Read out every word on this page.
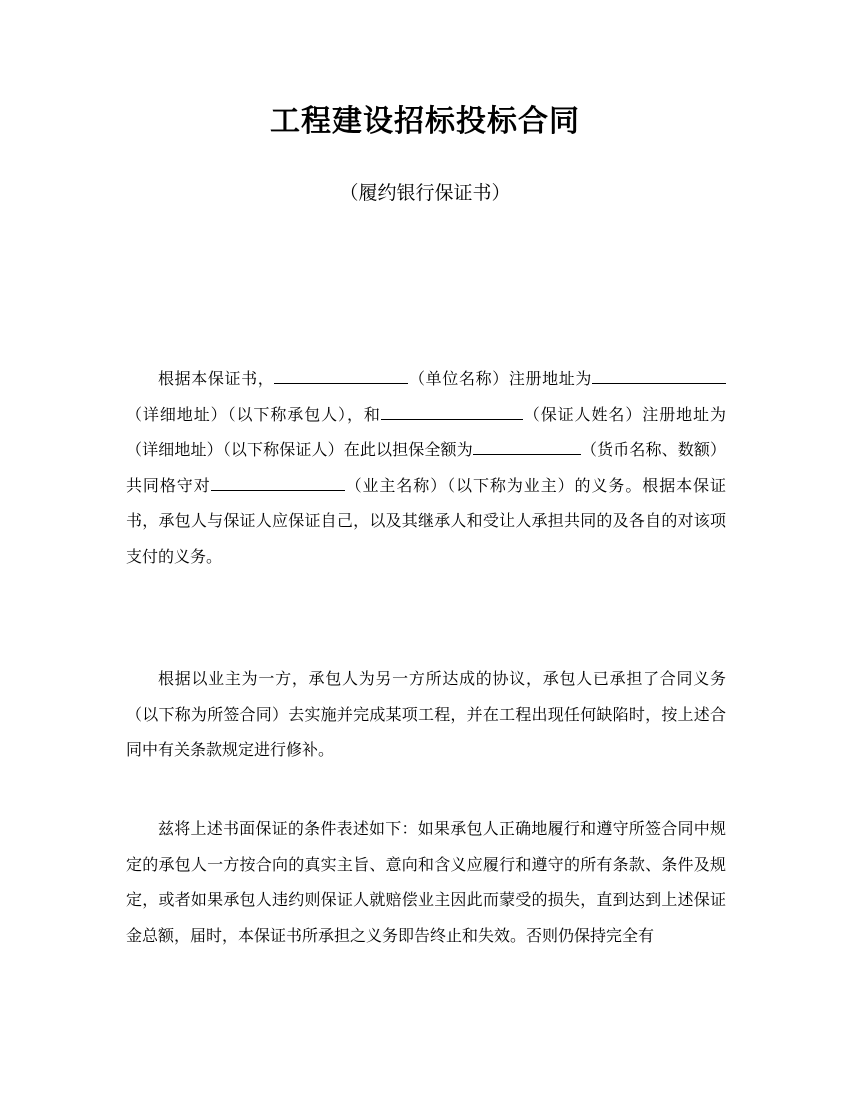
工程建设招标投标合同
（履约银行保证书）
根据本保证书，	（单位名称）注册地址为（详细地址）（以下称承包人），和	（保证人姓名）注册地址为（详细地址）（以下称保证人）在此以担保全额为	（货币名称、数额）共同格守对	（业主名称）（以下称为业主）的义务。根据本保证书，承包人与保证人应保证自己，以及其继承人和受让人承担共同的及各自的对该项支付的义务。
根据以业主为一方，承包人为另一方所达成的协议，承包人已承担了合同义务（以下称为所签合同）去实施并完成某项工程，并在工程出现任何缺陷时，按上述合同中有关条款规定进行修补。
兹将上述书面保证的条件表述如下：如果承包人正确地履行和遵守所签合同中规定的承包人一方按合向的真实主旨、意向和含义应履行和遵守的所有条款、条件及规定，或者如果承包人违约则保证人就赔偿业主因此而蒙受的损失，直到达到上述保证金总额，届时，本保证书所承担之义务即告终止和失效。否则仍保持完全有
